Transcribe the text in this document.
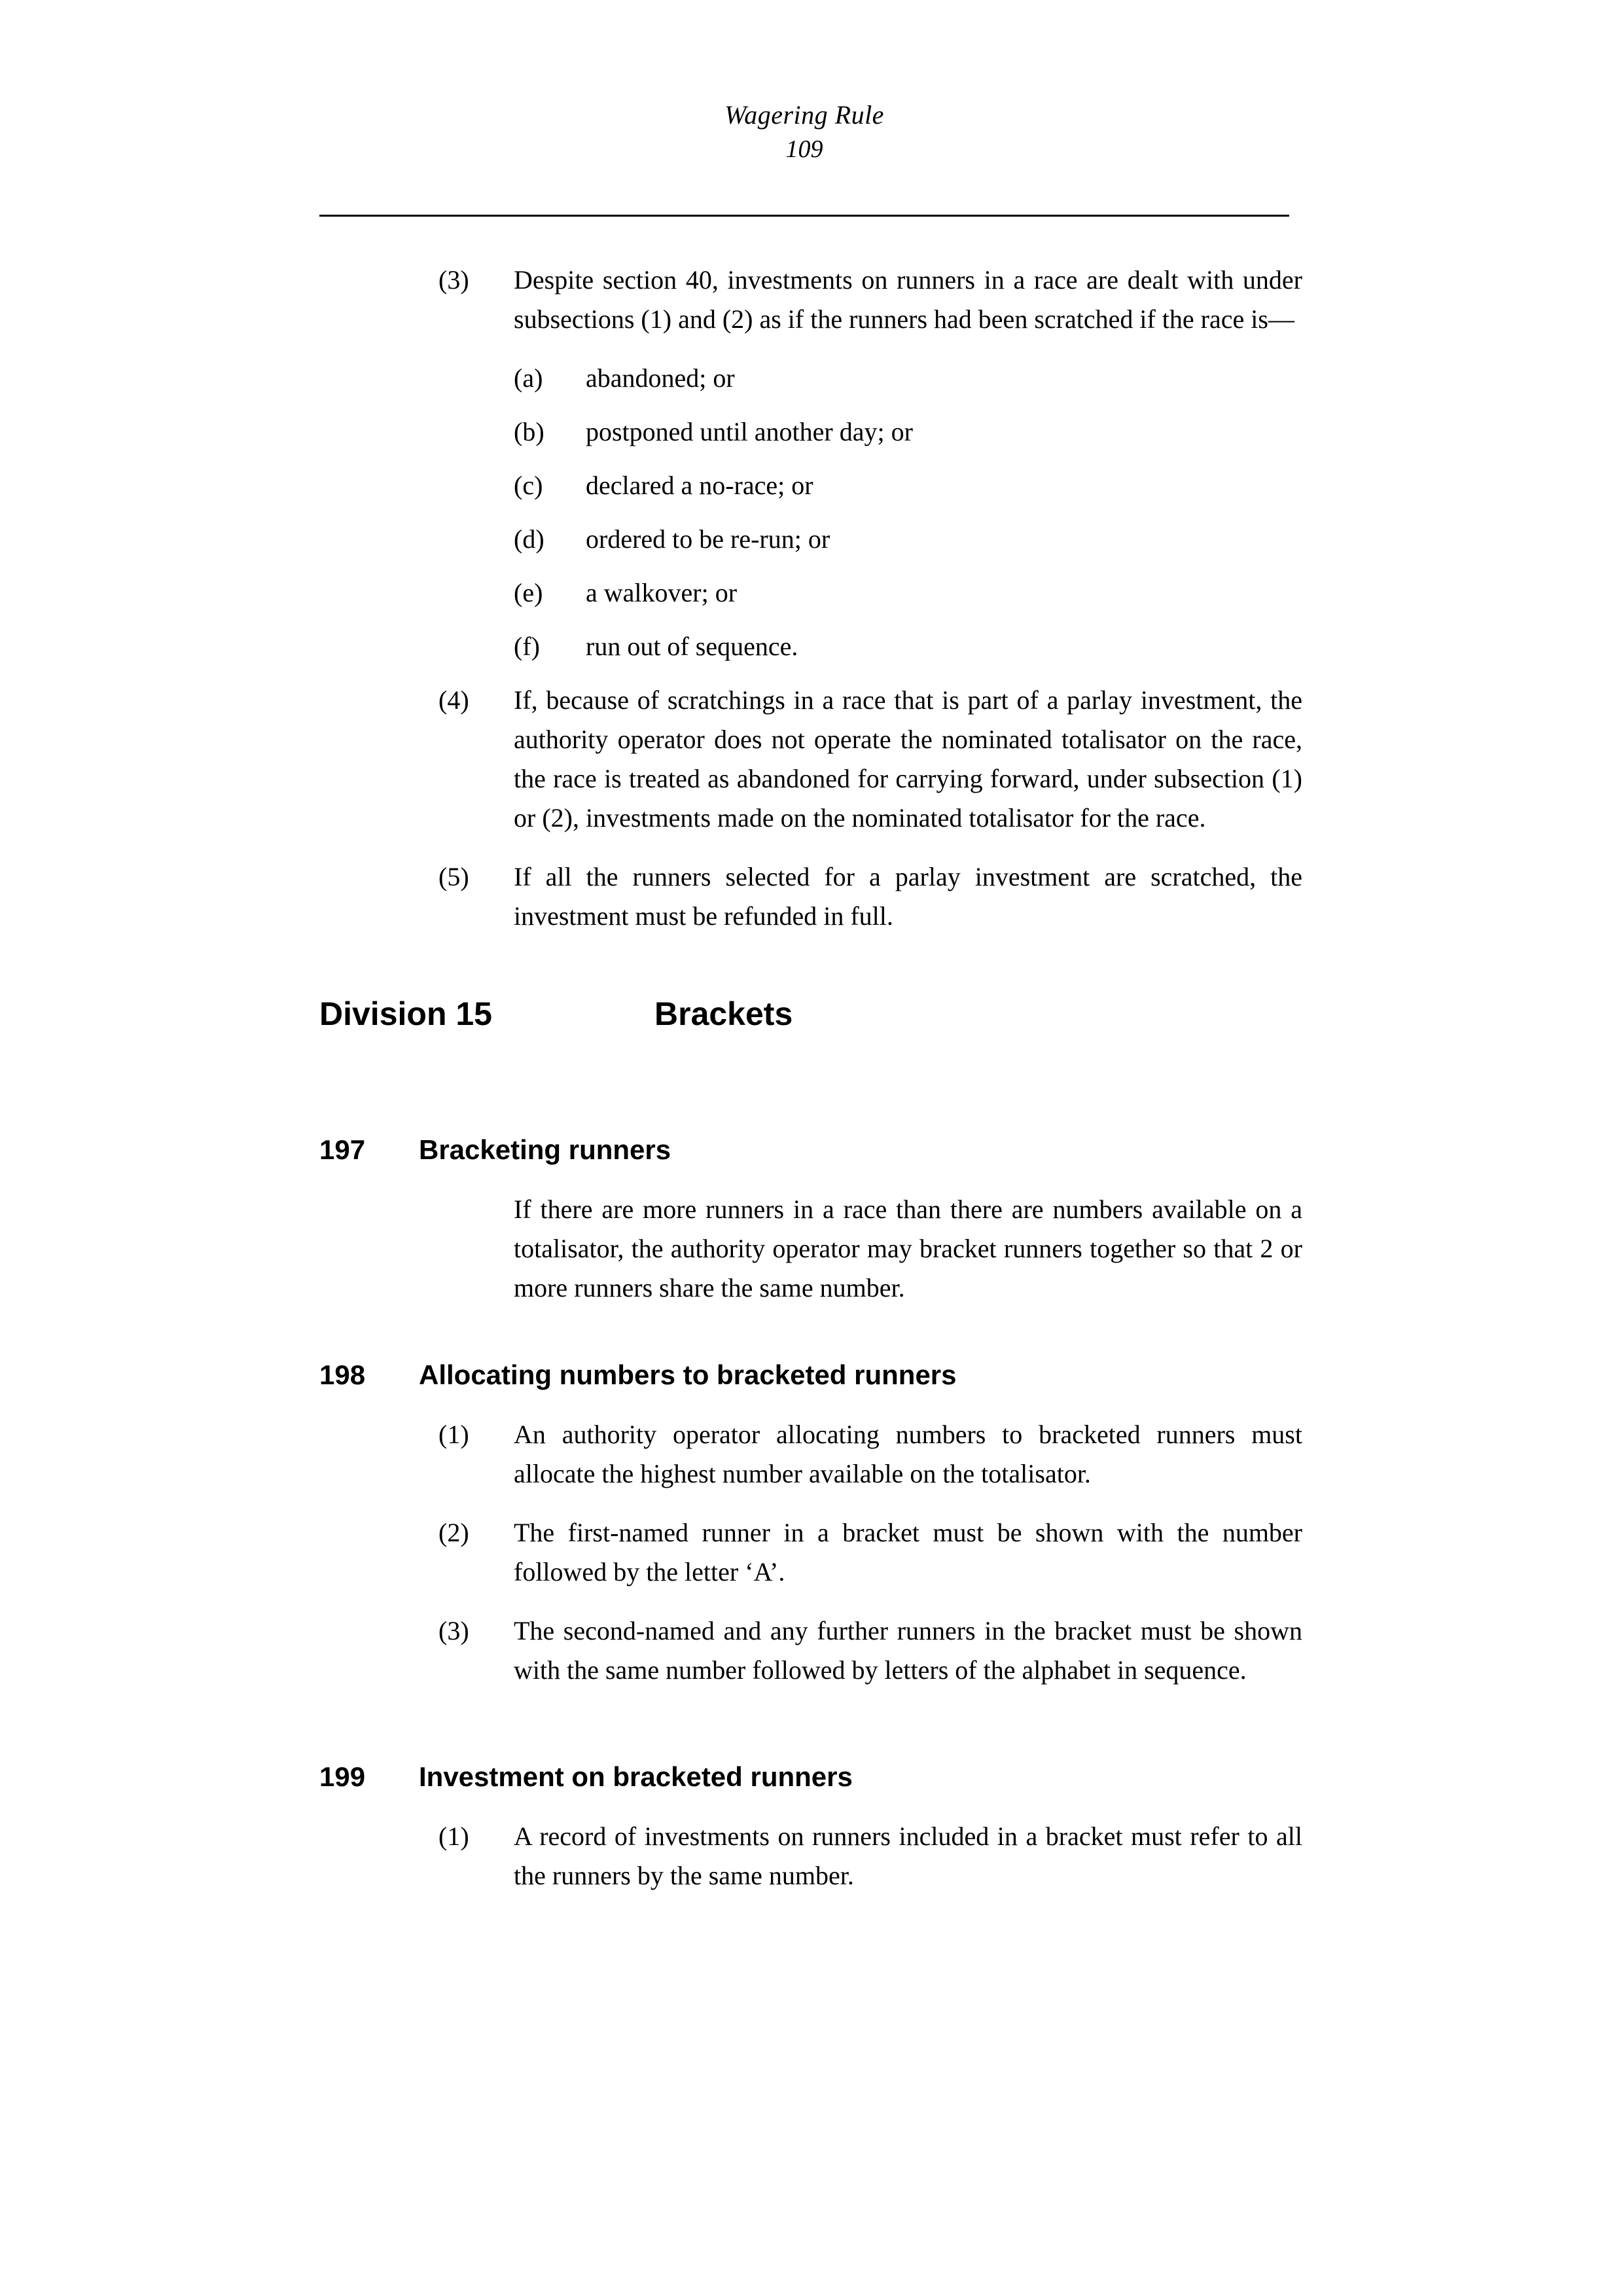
Wagering Rule
109
(3)	Despite section 40, investments on runners in a race are dealt with under subsections (1) and (2) as if the runners had been scratched if the race is—
(a)	abandoned; or
(b)	postponed until another day; or
(c)	declared a no-race; or
(d)	ordered to be re-run; or
(e)	a walkover; or
(f)	run out of sequence.
(4)	If, because of scratchings in a race that is part of a parlay investment, the authority operator does not operate the nominated totalisator on the race, the race is treated as abandoned for carrying forward, under subsection (1) or (2), investments made on the nominated totalisator for the race.
(5)	If all the runners selected for a parlay investment are scratched, the investment must be refunded in full.
Division 15	Brackets
197 Bracketing runners
If there are more runners in a race than there are numbers available on a totalisator, the authority operator may bracket runners together so that 2 or more runners share the same number.
198 Allocating numbers to bracketed runners
(1)	An authority operator allocating numbers to bracketed runners must allocate the highest number available on the totalisator.
(2)	The first-named runner in a bracket must be shown with the number followed by the letter ‘A’.
(3)	The second-named and any further runners in the bracket must be shown with the same number followed by letters of the alphabet in sequence.
199 Investment on bracketed runners
(1)	A record of investments on runners included in a bracket must refer to all the runners by the same number.
